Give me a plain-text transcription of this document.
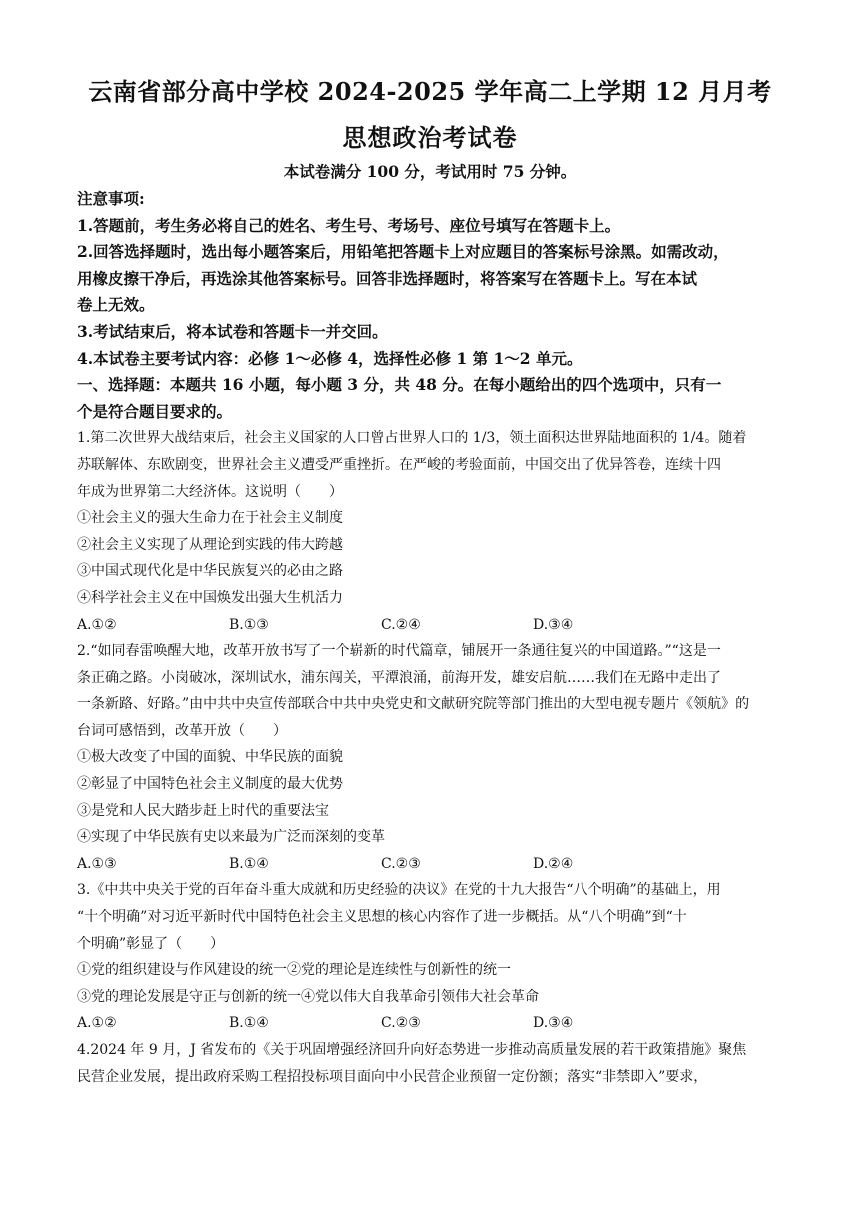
云南省部分高中学校 2024-2025 学年高二上学期 12 月月考
思想政治考试卷
本试卷满分 100 分，考试用时 75 分钟。
注意事项:
1.答题前，考生务必将自己的姓名、考生号、考场号、座位号填写在答题卡上。
2.回答选择题时，选出每小题答案后，用铅笔把答题卡上对应题目的答案标号涂黑。如需改动，
用橡皮擦干净后，再选涂其他答案标号。回答非选择题时，将答案写在答题卡上。写在本试
卷上无效。
3.考试结束后，将本试卷和答题卡一并交回。
4.本试卷主要考试内容：必修 1～必修 4，选择性必修 1 第 1～2 单元。
一、选择题：本题共 16 小题，每小题 3 分，共 48 分。在每小题给出的四个选项中，只有一
个是符合题目要求的。
1.第二次世界大战结束后，社会主义国家的人口曾占世界人口的 1/3，领土面积达世界陆地面积的 1/4。随着
苏联解体、东欧剧变，世界社会主义遭受严重挫折。在严峻的考验面前，中国交出了优异答卷，连续十四
年成为世界第二大经济体。这说明（　　）
①社会主义的强大生命力在于社会主义制度
②社会主义实现了从理论到实践的伟大跨越
③中国式现代化是中华民族复兴的必由之路
④科学社会主义在中国焕发出强大生机活力
A.①②	B.①③	C.②④	D.③④
2.“如同春雷唤醒大地，改革开放书写了一个崭新的时代篇章，铺展开一条通往复兴的中国道路。”“这是一
条正确之路。小岗破冰，深圳试水，浦东闯关，平潭浪涌，前海开发，雄安启航……我们在无路中走出了
一条新路、好路。”由中共中央宣传部联合中共中央党史和文献研究院等部门推出的大型电视专题片《领航》的
台词可感悟到，改革开放（　　）
①极大改变了中国的面貌、中华民族的面貌
②彰显了中国特色社会主义制度的最大优势
③是党和人民大踏步赶上时代的重要法宝
④实现了中华民族有史以来最为广泛而深刻的变革
A.①③	B.①④	C.②③	D.②④
3.《中共中央关于党的百年奋斗重大成就和历史经验的决议》在党的十九大报告“八个明确”的基础上，用
“十个明确”对习近平新时代中国特色社会主义思想的核心内容作了进一步概括。从“八个明确”到“十
个明确”彰显了（　　）
①党的组织建设与作风建设的统一②党的理论是连续性与创新性的统一
③党的理论发展是守正与创新的统一④党以伟大自我革命引领伟大社会革命
A.①②	B.①④	C.②③	D.③④
4.2024 年 9 月，J 省发布的《关于巩固增强经济回升向好态势进一步推动高质量发展的若干政策措施》聚焦
民营企业发展，提出政府采购工程招投标项目面向中小民营企业预留一定份额；落实“非禁即入”要求，
